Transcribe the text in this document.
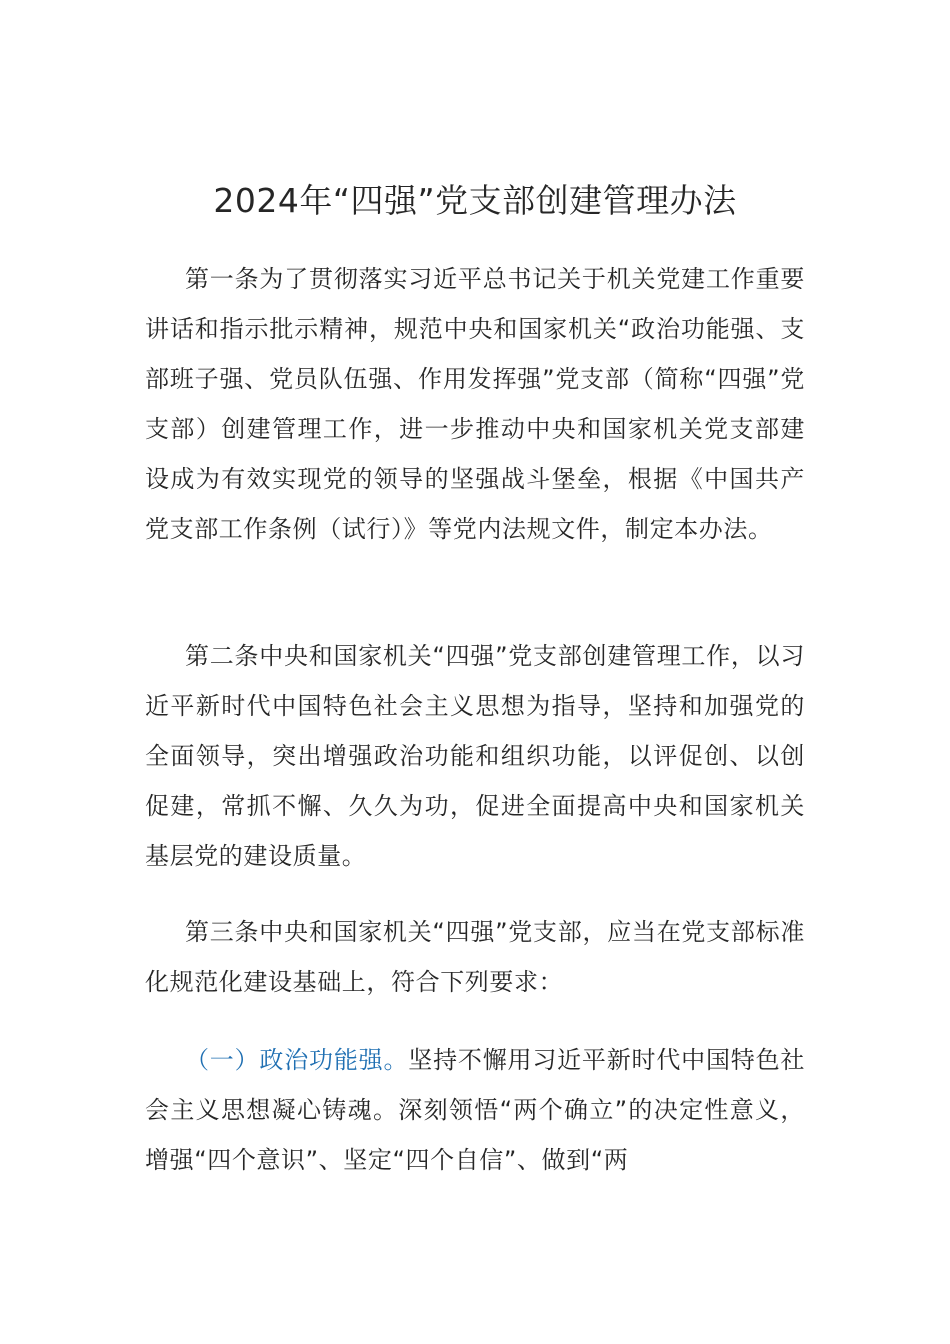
2024年“四强”党支部创建管理办法

第一条为了贯彻落实习近平总书记关于机关党建工作重要讲话和指示批示精神，规范中央和国家机关“政治功能强、支部班子强、党员队伍强、作用发挥强”党支部（简称“四强”党支部）创建管理工作，进一步推动中央和国家机关党支部建设成为有效实现党的领导的坚强战斗堡垒，根据《中国共产党支部工作条例（试行）》等党内法规文件，制定本办法。

第二条中央和国家机关“四强”党支部创建管理工作，以习近平新时代中国特色社会主义思想为指导，坚持和加强党的全面领导，突出增强政治功能和组织功能，以评促创、以创促建，常抓不懈、久久为功，促进全面提高中央和国家机关基层党的建设质量。

第三条中央和国家机关“四强”党支部，应当在党支部标准化规范化建设基础上，符合下列要求：

（一）政治功能强。坚持不懈用习近平新时代中国特色社会主义思想凝心铸魂。深刻领悟“两个确立”的决定性意义，增强“四个意识”、坚定“四个自信”、做到“两
